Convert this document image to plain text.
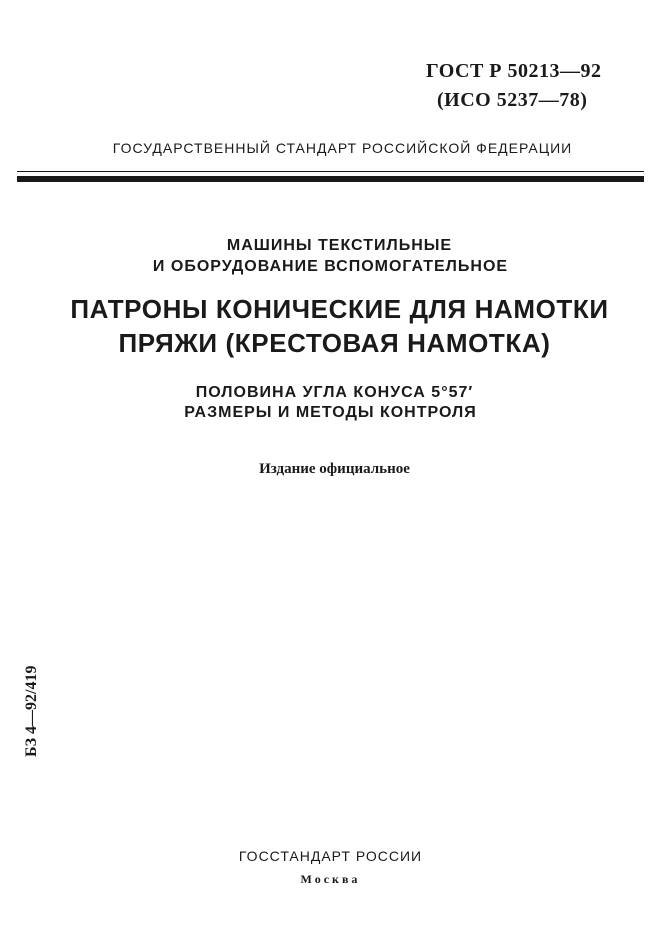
ГОСТ Р 50213—92
(ИСО 5237—78)
ГОСУДАРСТВЕННЫЙ СТАНДАРТ РОССИЙСКОЙ ФЕДЕРАЦИИ
МАШИНЫ ТЕКСТИЛЬНЫЕ
И ОБОРУДОВАНИЕ ВСПОМОГАТЕЛЬНОЕ
ПАТРОНЫ КОНИЧЕСКИЕ ДЛЯ НАМОТКИ
ПРЯЖИ (КРЕСТОВАЯ НАМОТКА)
ПОЛОВИНА УГЛА КОНУСА 5°57′
РАЗМЕРЫ И МЕТОДЫ КОНТРОЛЯ
Издание официальное
БЗ 4—92/419
ГОССТАНДАРТ РОССИИ
Москва
